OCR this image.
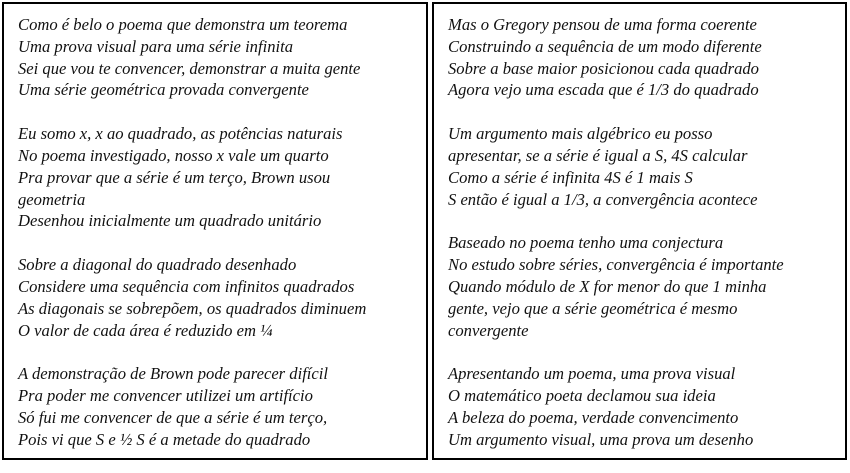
Como é belo o poema que demonstra um teorema
Uma prova visual para uma série infinita
Sei que vou te convencer, demonstrar a muita gente
Uma série geométrica provada convergente
Eu somo x, x ao quadrado, as potências naturais
No poema investigado, nosso x vale um quarto
Pra provar que a série é um terço, Brown usou
geometria
Desenhou inicialmente um quadrado unitário
Sobre a diagonal do quadrado desenhado
Considere uma sequência com infinitos quadrados
As diagonais se sobrepõem, os quadrados diminuem
O valor de cada área é reduzido em ¼
A demonstração de Brown pode parecer difícil
Pra poder me convencer utilizei um artifício
Só fui me convencer de que a série é um terço,
Pois vi que S e ½ S é a metade do quadrado
Mas o Gregory pensou de uma forma coerente
Construindo a sequência de um modo diferente
Sobre a base maior posicionou cada quadrado
Agora vejo uma escada que é 1/3 do quadrado
Um argumento mais algébrico eu posso
apresentar, se a série é igual a S, 4S calcular
Como a série é infinita 4S é 1 mais S
S então é igual a 1/3, a convergência acontece
Baseado no poema tenho uma conjectura
No estudo sobre séries, convergência é importante
Quando módulo de X for menor do que 1 minha
gente, vejo que a série geométrica é mesmo
convergente
Apresentando um poema, uma prova visual
O matemático poeta declamou sua ideia
A beleza do poema, verdade convencimento
Um argumento visual, uma prova um desenho
